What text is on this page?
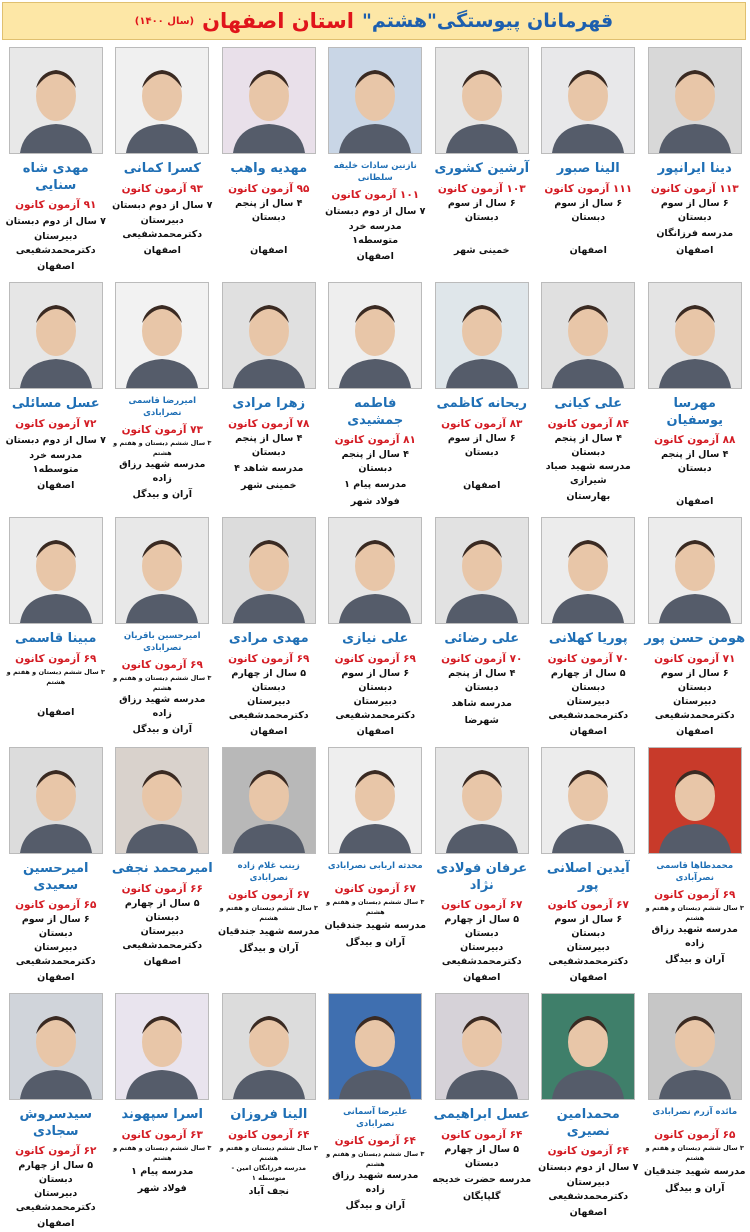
قهرمانان پیوستگی"هشتم"
استان اصفهان
(سال ۱۴۰۰)
دینا ایرانپور
۱۱۳ آزمون کانون
۶ سال از سوم دبستان
مدرسه فرزانگان
اصفهان
الینا صبور
۱۱۱ آزمون کانون
۶ سال از سوم دبستان
اصفهان
آرشین کشوری
۱۰۳ آزمون کانون
۶ سال از سوم دبستان
خمینی شهر
نازنین سادات خلیفه سلطانی
۱۰۱ آزمون کانون
۷ سال از دوم دبستان
مدرسه خرد متوسطه۱
اصفهان
مهدیه واهب
۹۵ آزمون کانون
۴ سال از پنجم دبستان
اصفهان
کسرا کمانی
۹۳ آزمون کانون
۷ سال از دوم دبستان
دبیرستان دکترمحمدشفیعی
اصفهان
مهدی شاه سنایی
۹۱ آزمون کانون
۷ سال از دوم دبستان
دبیرستان دکترمحمدشفیعی
اصفهان
مهرسا یوسفیان
۸۸ آزمون کانون
۴ سال از پنجم دبستان
اصفهان
علی کیانی
۸۴ آزمون کانون
۴ سال از پنجم دبستان
مدرسه شهید صیاد شیرازی
بهارستان
ریحانه کاظمی
۸۳ آزمون کانون
۶ سال از سوم دبستان
اصفهان
فاطمه جمشیدی
۸۱ آزمون کانون
۴ سال از پنجم دبستان
مدرسه پیام ۱
فولاد شهر
زهرا مرادی
۷۸ آزمون کانون
۴ سال از پنجم دبستان
مدرسه شاهد ۴
خمینی شهر
امیررضا قاسمی نصرابادی
۷۳ آزمون کانون
۳ سال ششم دبستان و هفتم و هشتم
مدرسه شهید رزاق زاده
آران و بیدگل
عسل مسائلی
۷۲ آزمون کانون
۷ سال از دوم دبستان
مدرسه خرد متوسطه۱
اصفهان
هومن حسن پور
۷۱ آزمون کانون
۶ سال از سوم دبستان
دبیرستان دکترمحمدشفیعی
اصفهان
پوریا کهلانی
۷۰ آزمون کانون
۵ سال از چهارم دبستان
دبیرستان دکترمحمدشفیعی
اصفهان
علی رضائی
۷۰ آزمون کانون
۴ سال از پنجم دبستان
مدرسه شاهد
شهرضا
علی نیازی
۶۹ آزمون کانون
۶ سال از سوم دبستان
دبیرستان دکترمحمدشفیعی
اصفهان
مهدی مرادی
۶۹ آزمون کانون
۵ سال از چهارم دبستان
دبیرستان دکترمحمدشفیعی
اصفهان
امیرحسین باقریان نصرابادی
۶۹ آزمون کانون
۳ سال ششم دبستان و هفتم و هشتم
مدرسه شهید رزاق زاده
آران و بیدگل
مبینا قاسمی
۶۹ آزمون کانون
۳ سال ششم دبستان و هفتم و هشتم
اصفهان
محمدطاها قاسمی نصرآبادی
۶۹ آزمون کانون
۳ سال ششم دبستان و هفتم و هشتم
مدرسه شهید رزاق زاده
آران و بیدگل
آیدین اصلانی پور
۶۷ آزمون کانون
۶ سال از سوم دبستان
دبیرستان دکترمحمدشفیعی
اصفهان
عرفان فولادی نژاد
۶۷ آزمون کانون
۵ سال از چهارم دبستان
دبیرستان دکترمحمدشفیعی
اصفهان
محدثه اربابی نصرابادی
۶۷ آزمون کانون
۳ سال ششم دبستان و هفتم و هشتم
مدرسه شهید جندقیان
آران و بیدگل
زینب غلام زاده نصرابادی
۶۷ آزمون کانون
۳ سال ششم دبستان و هفتم و هشتم
مدرسه شهید جندقیان
آران و بیدگل
امیرمحمد نجفی
۶۶ آزمون کانون
۵ سال از چهارم دبستان
دبیرستان دکترمحمدشفیعی
اصفهان
امیرحسین سعیدی
۶۵ آزمون کانون
۶ سال از سوم دبستان
دبیرستان دکترمحمدشفیعی
اصفهان
مائده آزرم نصرابادی
۶۵ آزمون کانون
۳ سال ششم دبستان و هفتم و هشتم
مدرسه شهید جندقیان
آران و بیدگل
محمدامین نصیری
۶۴ آزمون کانون
۷ سال از دوم دبستان
دبیرستان دکترمحمدشفیعی
اصفهان
عسل ابراهیمی
۶۴ آزمون کانون
۵ سال از چهارم دبستان
مدرسه حضرت خدیجه
گلپایگان
علیرضا آسمانی نصرابادی
۶۴ آزمون کانون
۳ سال ششم دبستان و هفتم و هشتم
مدرسه شهید رزاق زاده
آران و بیدگل
الینا فروزان
۶۴ آزمون کانون
۳ سال ششم دبستان و هفتم و هشتم
مدرسه فرزانگان امین - متوسطه ۱
نجف آباد
اسرا سپهوند
۶۳ آزمون کانون
۳ سال ششم دبستان و هفتم و هشتم
مدرسه پیام ۱
فولاد شهر
سیدسروش سجادی
۶۲ آزمون کانون
۵ سال از چهارم دبستان
دبیرستان دکترمحمدشفیعی
اصفهان
